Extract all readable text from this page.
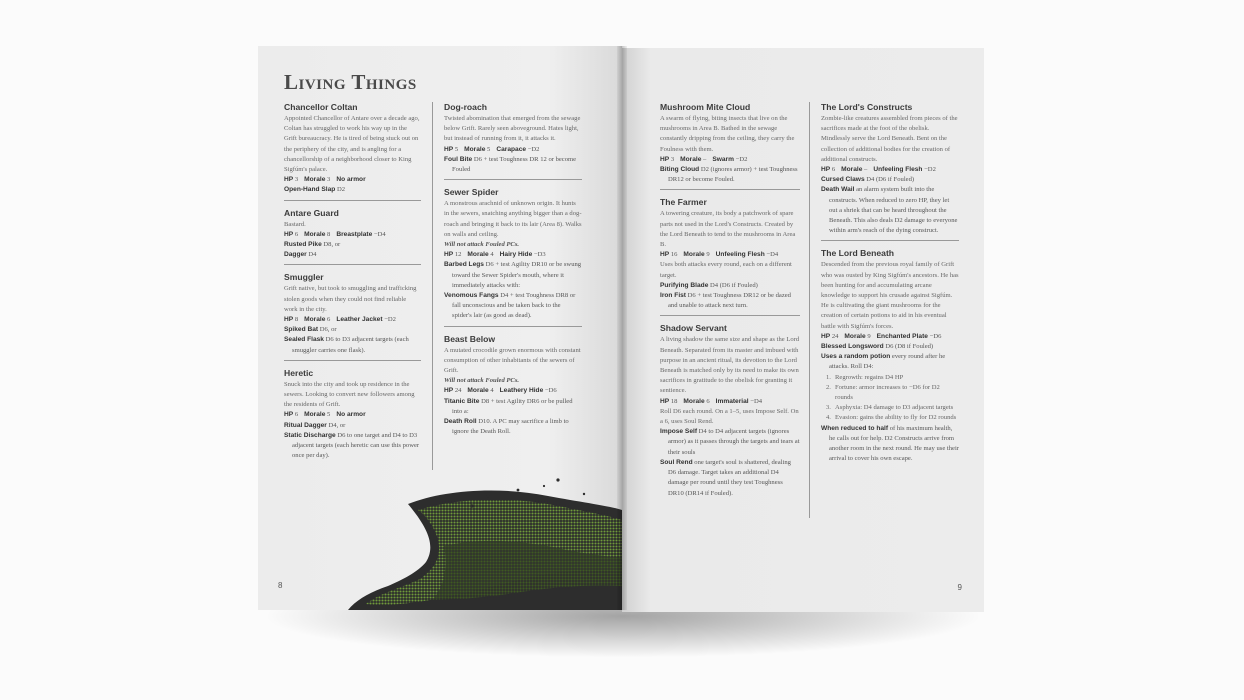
Living Things
Chancellor Coltan

Appointed Chancellor of Antare over a decade ago, Coltan has struggled to work his way up in the Grift bureaucracy. He is tired of being stuck out on the periphery of the city, and is angling for a chancellorship of a neighborhood closer to King Sigfúm's palace.

HP 3 Morale 3 No armor

Open-Hand Slap D2

Antare Guard

Bastard.

HP 6 Morale 8 Breastplate −D4

Rusted Pike D8, or

Dagger D4

Smuggler

Grift native, but took to smuggling and trafficking stolen goods when they could not find reliable work in the city.

HP 8 Morale 6 Leather Jacket −D2

Spiked Bat D6, or

Sealed Flask D6 to D3 adjacent targets (each smuggler carries one flask).

Heretic

Snuck into the city and took up residence in the sewers. Looking to convert new followers among the residents of Grift.

HP 6 Morale 5 No armor

Ritual Dagger D4, or

Static Discharge D6 to one target and D4 to D3 adjacent targets (each heretic can use this power once per day).

Dog-roach

Twisted abomination that emerged from the sewage below Grift. Rarely seen aboveground. Hates light, but instead of running from it, it attacks it.

HP 5 Morale 5 Carapace −D2

Foul Bite D6 + test Toughness DR 12 or become Fouled

Sewer Spider

A monstrous arachnid of unknown origin. It hunts in the sewers, snatching anything bigger than a dog-roach and bringing it back to its lair (Area 8). Walks on walls and ceiling.

Will not attack Fouled PCs.

HP 12 Morale 4 Hairy Hide −D3

Barbed Legs D6 + test Agility DR10 or be swung toward the Sewer Spider's mouth, where it immediately attacks with:

Venomous Fangs D4 + test Toughness DR8 or fall unconscious and be taken back to the spider's lair (as good as dead).

Beast Below

A mutated crocodile grown enormous with constant consumption of other inhabitants of the sewers of Grift.

Will not attack Fouled PCs.

HP 24 Morale 4 Leathery Hide −D6

Titanic Bite D8 + test Agility DR6 or be pulled into a:

Death Roll D10. A PC may sacrifice a limb to ignore the Death Roll.

8
Mushroom Mite Cloud

A swarm of flying, biting insects that live on the mushrooms in Area B. Bathed in the sewage constantly dripping from the ceiling, they carry the Foulness with them.

HP 3 Morale – Swarm −D2

Biting Cloud D2 (ignores armor) + test Toughness DR12 or become Fouled.

The Farmer

A towering creature, its body a patchwork of spare parts not used in the Lord's Constructs. Created by the Lord Beneath to tend to the mushrooms in Area B.

HP 16 Morale 9 Unfeeling Flesh −D4

Uses both attacks every round, each on a different target.

Purifying Blade D4 (D6 if Fouled)

Iron Fist D6 + test Toughness DR12 or be dazed and unable to attack next turn.

Shadow Servant

A living shadow the same size and shape as the Lord Beneath. Separated from its master and imbued with purpose in an ancient ritual, its devotion to the Lord Beneath is matched only by its need to make its own sacrifices in gratitude to the obelisk for granting it sentience.

HP 18 Morale 6 Immaterial −D4

Roll D6 each round. On a 1–5, uses Impose Self. On a 6, uses Soul Rend.

Impose Self D4 to D4 adjacent targets (ignores armor) as it passes through the targets and tears at their souls

Soul Rend one target's soul is shattered, dealing D6 damage. Target takes an additional D4 damage per round until they test Toughness DR10 (DR14 if Fouled).

The Lord's Constructs

Zombie-like creatures assembled from pieces of the sacrifices made at the foot of the obelisk. Mindlessly serve the Lord Beneath. Bent on the collection of additional bodies for the creation of additional constructs.

HP 6 Morale – Unfeeling Flesh −D2

Cursed Claws D4 (D6 if Fouled)

Death Wail an alarm system built into the constructs. When reduced to zero HP, they let out a shriek that can be heard throughout the Beneath. This also deals D2 damage to everyone within arm's reach of the dying construct.

The Lord Beneath

Descended from the previous royal family of Grift who was ousted by King Sigfúm's ancestors. He has been hunting for and accumulating arcane knowledge to support his crusade against Sigfúm. He is cultivating the giant mushrooms for the creation of certain potions to aid in his eventual battle with Sigfúm's forces.

HP 24 Morale 9 Enchanted Plate −D6

Blessed Longsword D6 (D8 if Fouled)

Uses a random potion every round after he attacks. Roll D4:

1. Regrowth: regains D4 HP
2. Fortune: armor increases to −D6 for D2 rounds
3. Asphyxia: D4 damage to D3 adjacent targets
4. Evasion: gains the ability to fly for D2 rounds

When reduced to half of his maximum health, he calls out for help. D2 Constructs arrive from another room in the next round. He may use their arrival to cover his own escape.

9
